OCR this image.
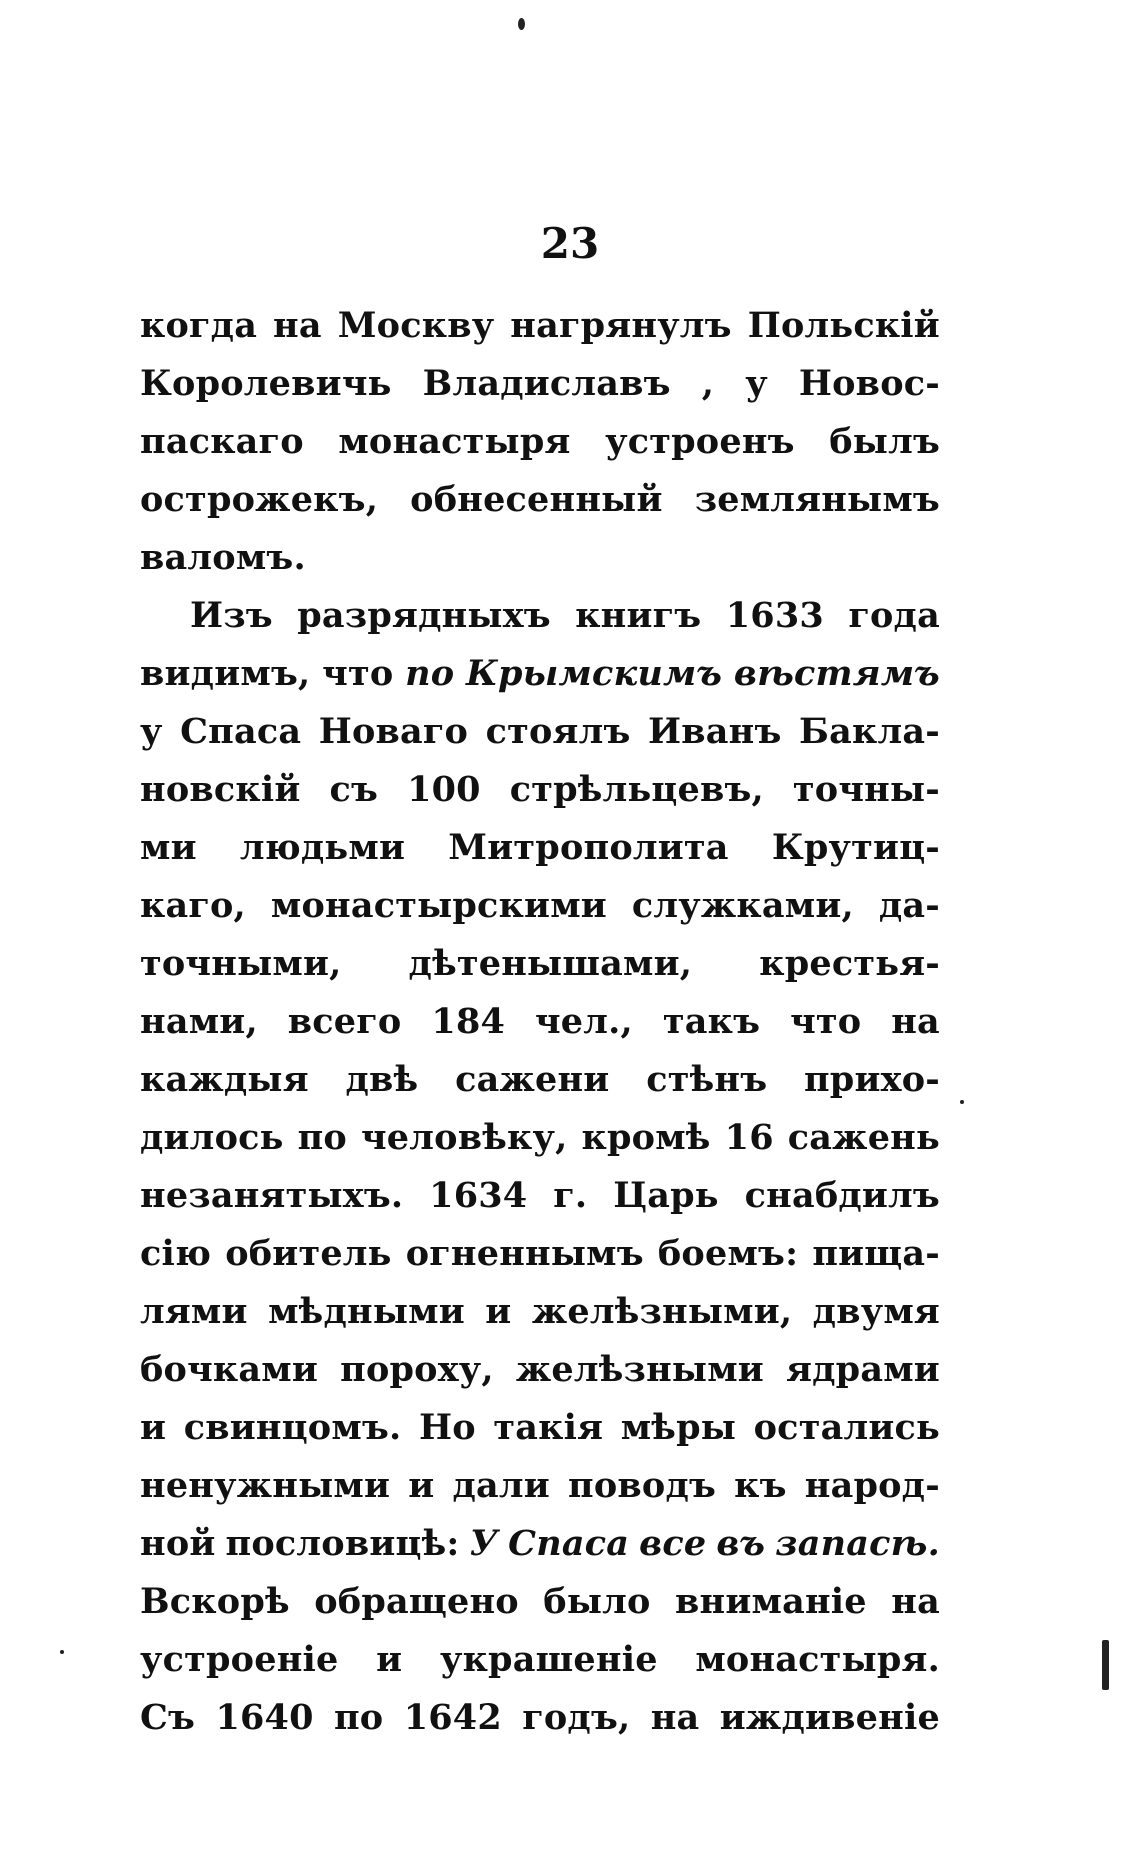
23
когда на Москву нагрянулъ Польскій
Королевичь Владиславъ , у Новос-
паскаго монастыря устроенъ былъ
острожекъ, обнесенный землянымъ
валомъ.
Изъ разрядныхъ книгъ 1633 года
видимъ, что по Крымскимъ вѣстямъ
у Спаса Новаго стоялъ Иванъ Бакла-
новскій съ 100 стрѣльцевъ, точны-
ми людьми Митрополита Крутиц-
каго, монастырскими служками, да-
точными, дѣтенышами, крестья-
нами, всего 184 чел., такъ что на
каждыя двѣ сажени стѣнъ прихо-
дилось по человѣку, кромѣ 16 сажень
незанятыхъ. 1634 г. Царь снабдилъ
сію обитель огненнымъ боемъ: пища-
лями мѣдными и желѣзными, двумя
бочками пороху, желѣзными ядрами
и свинцомъ. Но такія мѣры остались
ненужными и дали поводъ къ народ-
ной пословицѣ: У Спаса все въ запасѣ.
Вскорѣ обращено было вниманіе на
устроеніе и украшеніе монастыря.
Съ 1640 по 1642 годъ, на иждивеніе
